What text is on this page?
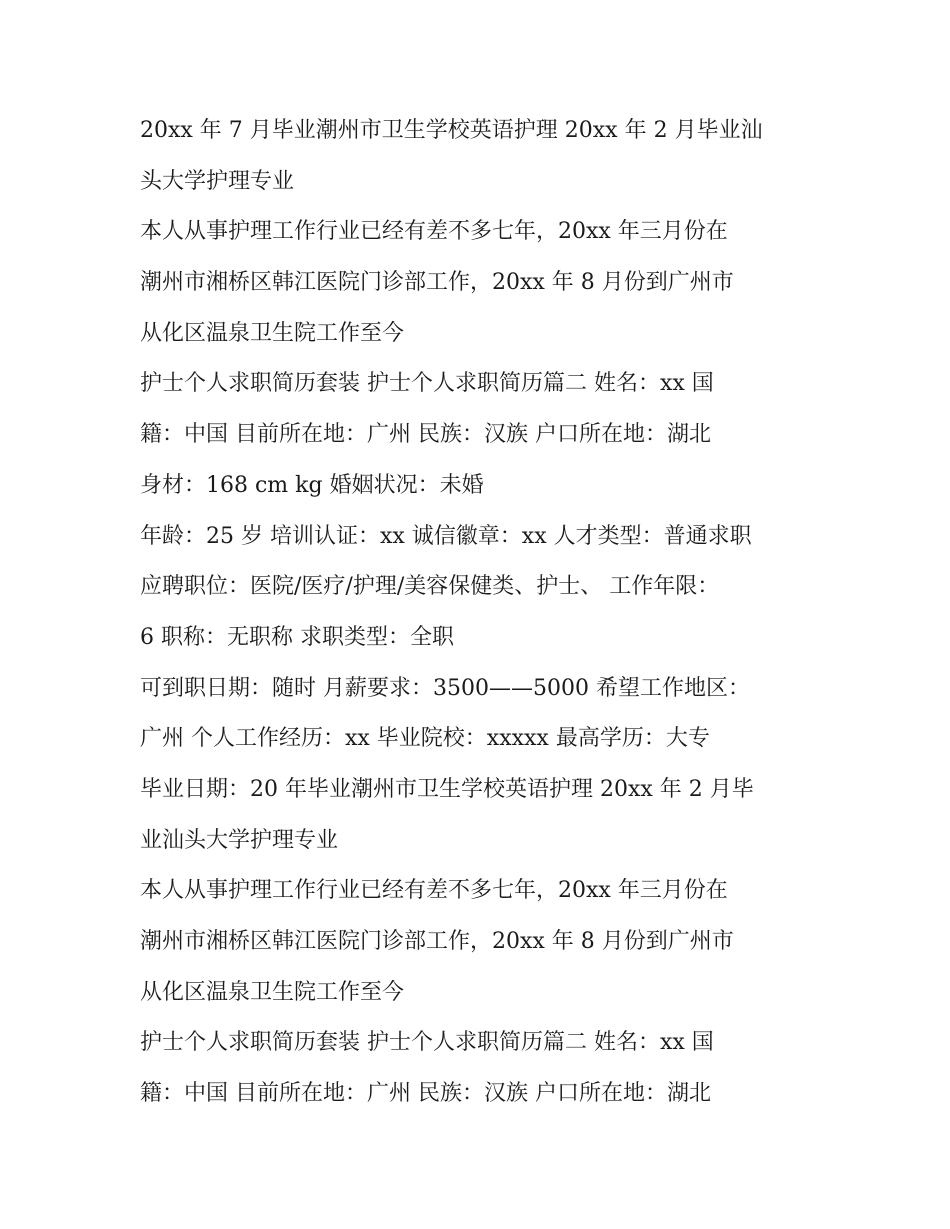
20xx 年 7 月毕业潮州市卫生学校英语护理 20xx 年 2 月毕业汕
头大学护理专业
本人从事护理工作行业已经有差不多七年，20xx 年三月份在
潮州市湘桥区韩江医院门诊部工作，20xx 年 8 月份到广州市
从化区温泉卫生院工作至今
护士个人求职简历套装 护士个人求职简历篇二 姓名：xx 国
籍：中国 目前所在地：广州 民族：汉族 户口所在地：湖北
身材：168 cm kg 婚姻状况：未婚
年龄：25 岁 培训认证：xx 诚信徽章：xx 人才类型：普通求职
应聘职位：医院/医疗/护理/美容保健类、护士、 工作年限：
6 职称：无职称 求职类型：全职
可到职日期：随时 月薪要求：3500——5000 希望工作地区：
广州 个人工作经历：xx 毕业院校：xxxxx 最高学历：大专
毕业日期：20 年毕业潮州市卫生学校英语护理 20xx 年 2 月毕
业汕头大学护理专业
本人从事护理工作行业已经有差不多七年，20xx 年三月份在
潮州市湘桥区韩江医院门诊部工作，20xx 年 8 月份到广州市
从化区温泉卫生院工作至今
护士个人求职简历套装 护士个人求职简历篇二 姓名：xx 国
籍：中国 目前所在地：广州 民族：汉族 户口所在地：湖北
